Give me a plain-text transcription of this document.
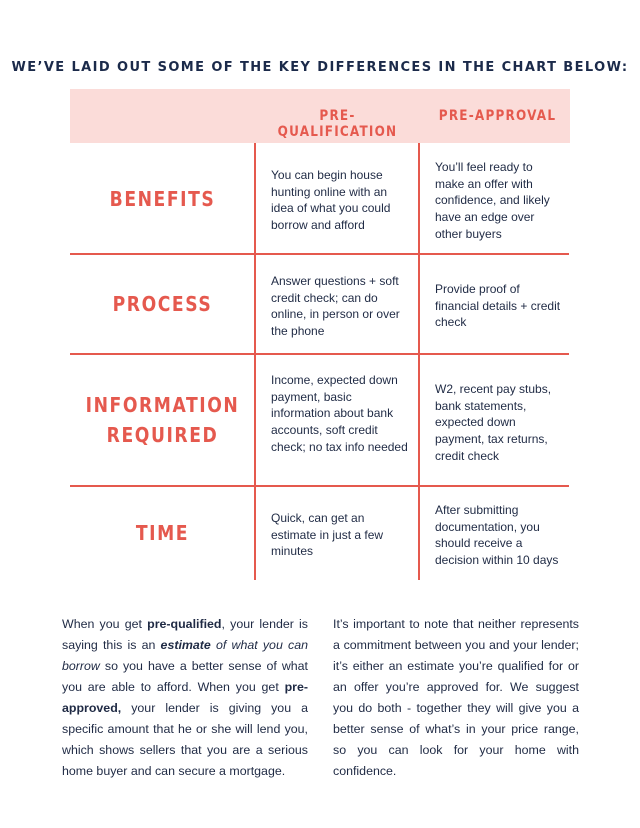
WE’VE LAID OUT SOME OF THE KEY DIFFERENCES IN THE CHART BELOW:
PRE-QUALIFICATION
PRE-APPROVAL
BENEFITS
You can begin house hunting online with an idea of what you could borrow and afford
You’ll feel ready to make an offer with confidence, and likely have an edge over other buyers
PROCESS
Answer questions + soft credit check; can do online, in person or over the phone
Provide proof of financial details + credit check
INFORMATION
REQUIRED
Income, expected down payment, basic information about bank accounts, soft credit check; no tax info needed
W2, recent pay stubs, bank statements, expected down payment, tax returns, credit check
TIME
Quick, can get an estimate in just a few minutes
After submitting documentation, you should receive a decision within 10 days
When you get pre-qualified, your lender is saying this is an estimate of what you can borrow so you have a better sense of what you are able to afford. When you get pre-approved, your lender is giving you a specific amount that he or she will lend you, which shows sellers that you are a serious home buyer and can secure a mortgage.
It’s important to note that neither represents a commitment between you and your lender; it’s either an estimate you’re qualified for or an offer you’re approved for. We suggest you do both - together they will give you a better sense of what’s in your price range, so you can look for your home with confidence.
